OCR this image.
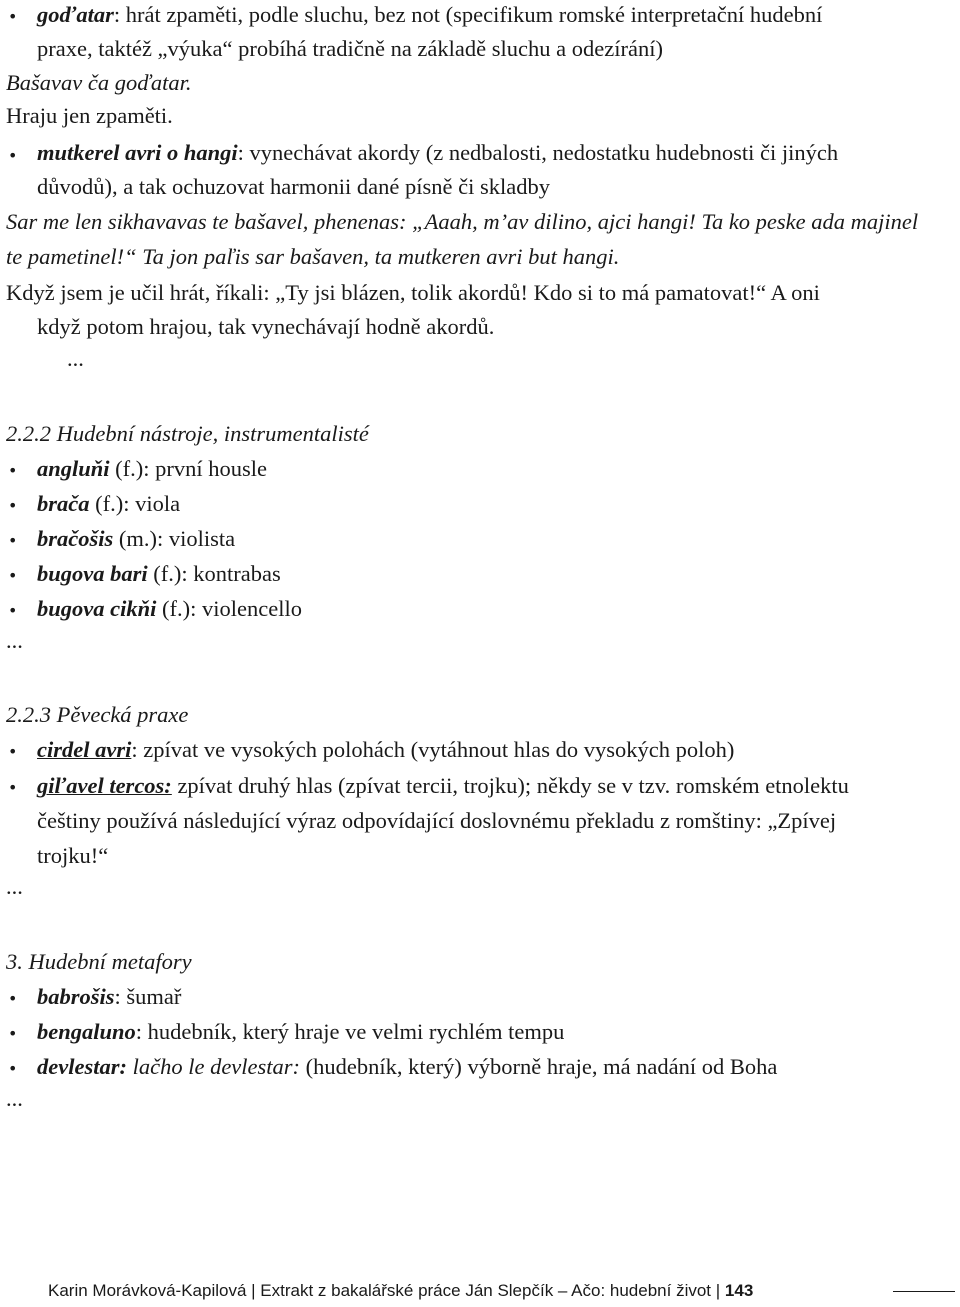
• goďatar: hrát zpaměti, podle sluchu, bez not (specifikum romské interpretační hudební
praxe, taktéž „výuka“ probíhá tradičně na základě sluchu a odezírání)
Bašavav ča goďatar.
Hraju jen zpaměti.
• mutkerel avri o hangi: vynechávat akordy (z nedbalosti, nedostatku hudebnosti či jiných
důvodů), a tak ochuzovat harmonii dané písně či skladby
Sar me len sikhavavas te bašavel, phenenas: „Aaah, m’av dilino, ajci hangi! Ta ko peske ada majinel
te pametinel!“ Ta jon paľis sar bašaven, ta mutkeren avri but hangi.
Když jsem je učil hrát, říkali: „Ty jsi blázen, tolik akordů! Kdo si to má pamatovat!“ A oni
když potom hrajou, tak vynechávají hodně akordů.
...
2.2.2 Hudební nástroje, instrumentalisté
• angluňi (f.): první housle
• brača (f.): viola
• bračošis (m.): violista
• bugova bari (f.): kontrabas
• bugova cikňi (f.): violencello
...
2.2.3 Pěvecká praxe
• cirdel avri: zpívat ve vysokých polohách (vytáhnout hlas do vysokých poloh)
• giľavel tercos: zpívat druhý hlas (zpívat tercii, trojku); někdy se v tzv. romském etnolektu
češtiny používá následující výraz odpovídající doslovnému překladu z romštiny: „Zpívej
trojku!“
...
3. Hudební metafory
• babrošis: šumař
• bengaluno: hudebník, který hraje ve velmi rychlém tempu
• devlestar: lačho le devlestar: (hudebník, který) výborně hraje, má nadání od Boha
...
Karin Morávková-Kapilová | Extrakt z bakalářské práce Ján Slepčík – Ačo: hudební život | 143
